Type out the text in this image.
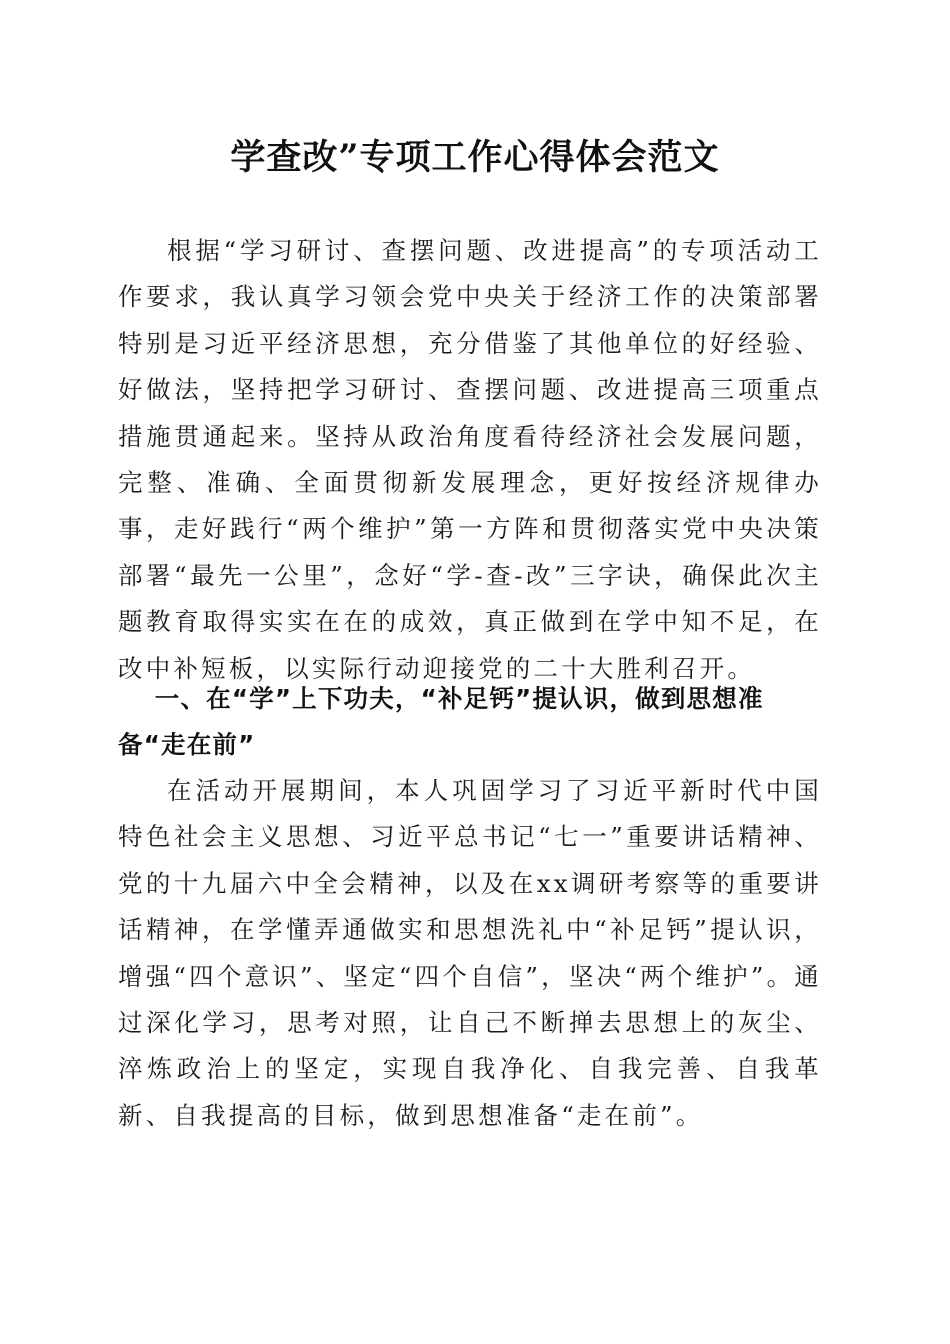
学查改”专项工作心得体会范文

根据“学习研讨、查摆问题、改进提高”的专项活动工作要求，我认真学习领会党中央关于经济工作的决策部署特别是习近平经济思想，充分借鉴了其他单位的好经验、好做法，坚持把学习研讨、查摆问题、改进提高三项重点措施贯通起来。坚持从政治角度看待经济社会发展问题，完整、准确、全面贯彻新发展理念，更好按经济规律办事，走好践行“两个维护”第一方阵和贯彻落实党中央决策部署“最先一公里”，念好“学-查-改”三字诀，确保此次主题教育取得实实在在的成效，真正做到在学中知不足，在改中补短板，以实际行动迎接党的二十大胜利召开。

一、在“学”上下功夫，“补足钙”提认识，做到思想准备“走在前”

在活动开展期间，本人巩固学习了习近平新时代中国特色社会主义思想、习近平总书记“七一”重要讲话精神、党的十九届六中全会精神，以及在xx调研考察等的重要讲话精神，在学懂弄通做实和思想洗礼中“补足钙”提认识，增强“四个意识”、坚定“四个自信”，坚决“两个维护”。通过深化学习，思考对照，让自己不断掸去思想上的灰尘、淬炼政治上的坚定，实现自我净化、自我完善、自我革新、自我提高的目标，做到思想准备“走在前”。
